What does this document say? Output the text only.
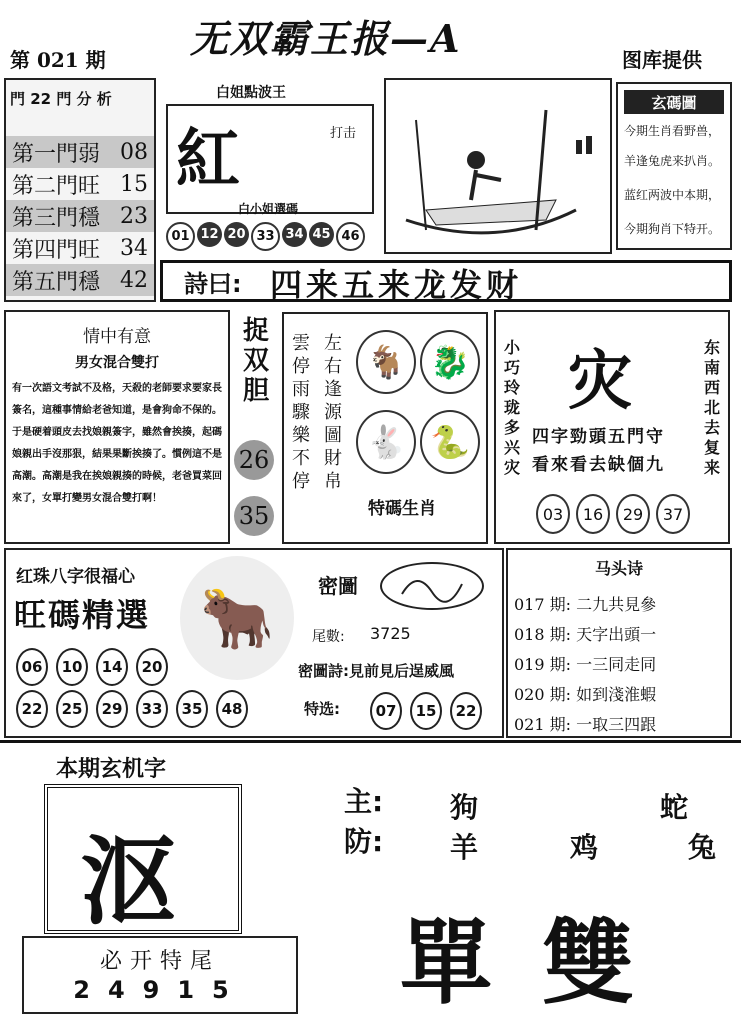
无双霸王报—A
第 021 期	图库提供
門 22 門 分 析
第一門弱 08
第二門旺 15
第三門穩 23
第四門旺 34
第五門穩 42
白姐點波王
紅	打击
白小姐選碼
01 12 20 33 34 45 46
玄碼圖
今期生肖看野兽，
羊逢兔虎来扒肖。
蓝红两波中本期，
今期狗肖下特开。
詩曰: 四来五来龙发财
情中有意
男女混合雙打
有一次語文考試不及格，天殺的老師要求要家長簽名，這種事情給老爸知道，是會狗命不保的。于是硬着頭皮去找娘親簽字，雖然會挨揍，起碼娘親出手沒那狠，結果果斷挨揍了。慣例這不是高潮。高潮是我在挨娘親揍的時候，老爸買菜回來了，女單打變男女混合雙打啊！
捉双胆
26
35
雲停雨驟樂不停
左右逢源圖財帛
🐐 🐉
🐇 🐍
特碼生肖
灾
小巧玲珑多兴灾
东南西北去复来
四字勁頭五門守
看來看去缺個九
03	16	29	37
红珠八字很福心
旺碼精選 🐂
06	10	14	20
22	25	29	33	35	48
密圖
尾數: 3725
密圖詩:見前見后逞威風
特选:	07	15	22
马头诗
017 期: 二九共見參
018 期: 天字出頭一
019 期: 一三同走同
020 期: 如到淺淮蝦
021 期: 一取三四跟
本期玄机字
沤
主: 狗	蛇
防: 羊	鸡	兔
必开特尾
24915	單雙
